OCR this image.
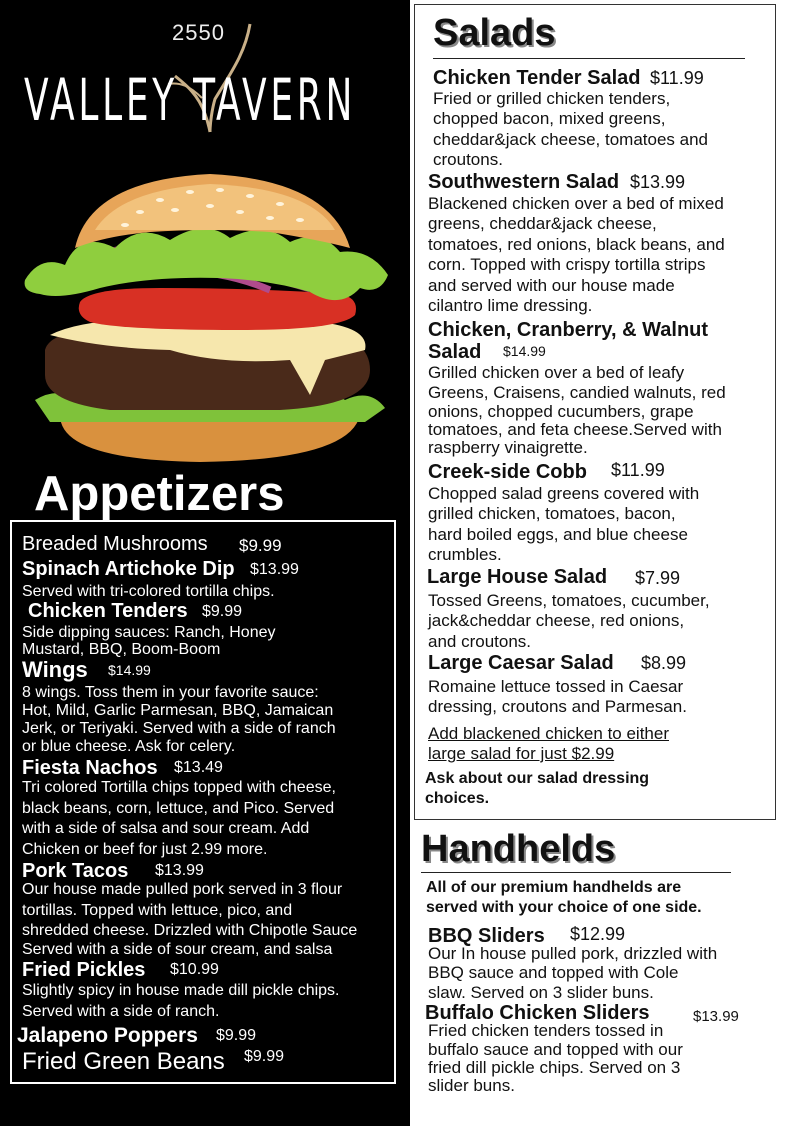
2550
VALLEY TAVERN
Appetizers
Breaded Mushrooms $9.99
Spinach Artichoke Dip $13.99
Served with tri-colored tortilla chips.
Chicken Tenders $9.99
Side dipping sauces: Ranch, Honey
Mustard, BBQ, Boom-Boom
Wings $14.99
8 wings. Toss them in your favorite sauce:
Hot, Mild, Garlic Parmesan, BBQ, Jamaican
Jerk, or Teriyaki. Served with a side of ranch
or blue cheese. Ask for celery.
Fiesta Nachos $13.49
Tri colored Tortilla chips topped with cheese,
black beans, corn, lettuce, and Pico. Served
with a side of salsa and sour cream. Add
Chicken or beef for just 2.99 more.
Pork Tacos $13.99
Our house made pulled pork served in 3 flour
tortillas. Topped with lettuce, pico, and
shredded cheese. Drizzled with Chipotle Sauce
Served with a side of sour cream, and salsa
Fried Pickles $10.99
Slightly spicy in house made dill pickle chips.
Served with a side of ranch.
Jalapeno Poppers $9.99
Fried Green Beans $9.99
Salads
Chicken Tender Salad $11.99
Fried or grilled chicken tenders,
chopped bacon, mixed greens,
cheddar&jack cheese, tomatoes and
croutons.
Southwestern Salad $13.99
Blackened chicken over a bed of mixed
greens, cheddar&jack cheese,
tomatoes, red onions, black beans, and
corn. Topped with crispy tortilla strips
and served with our house made
cilantro lime dressing.
Chicken, Cranberry, & Walnut
Salad $14.99
Grilled chicken over a bed of leafy
Greens, Craisens, candied walnuts, red
onions, chopped cucumbers, grape
tomatoes, and feta cheese.Served with
raspberry vinaigrette.
Creek-side Cobb $11.99
Chopped salad greens covered with
grilled chicken, tomatoes, bacon,
hard boiled eggs, and blue cheese
crumbles.
Large House Salad $7.99
Tossed Greens, tomatoes, cucumber,
jack&cheddar cheese, red onions,
and croutons.
Large Caesar Salad $8.99
Romaine lettuce tossed in Caesar
dressing, croutons and Parmesan.
Add blackened chicken to either
large salad for just $2.99
Ask about our salad dressing
choices.
Handhelds
All of our premium handhelds are
served with your choice of one side.
BBQ Sliders $12.99
Our In house pulled pork, drizzled with
BBQ sauce and topped with Cole
slaw. Served on 3 slider buns.
Buffalo Chicken Sliders	$13.99
Fried chicken tenders tossed in
buffalo sauce and topped with our
fried dill pickle chips. Served on 3
slider buns.
